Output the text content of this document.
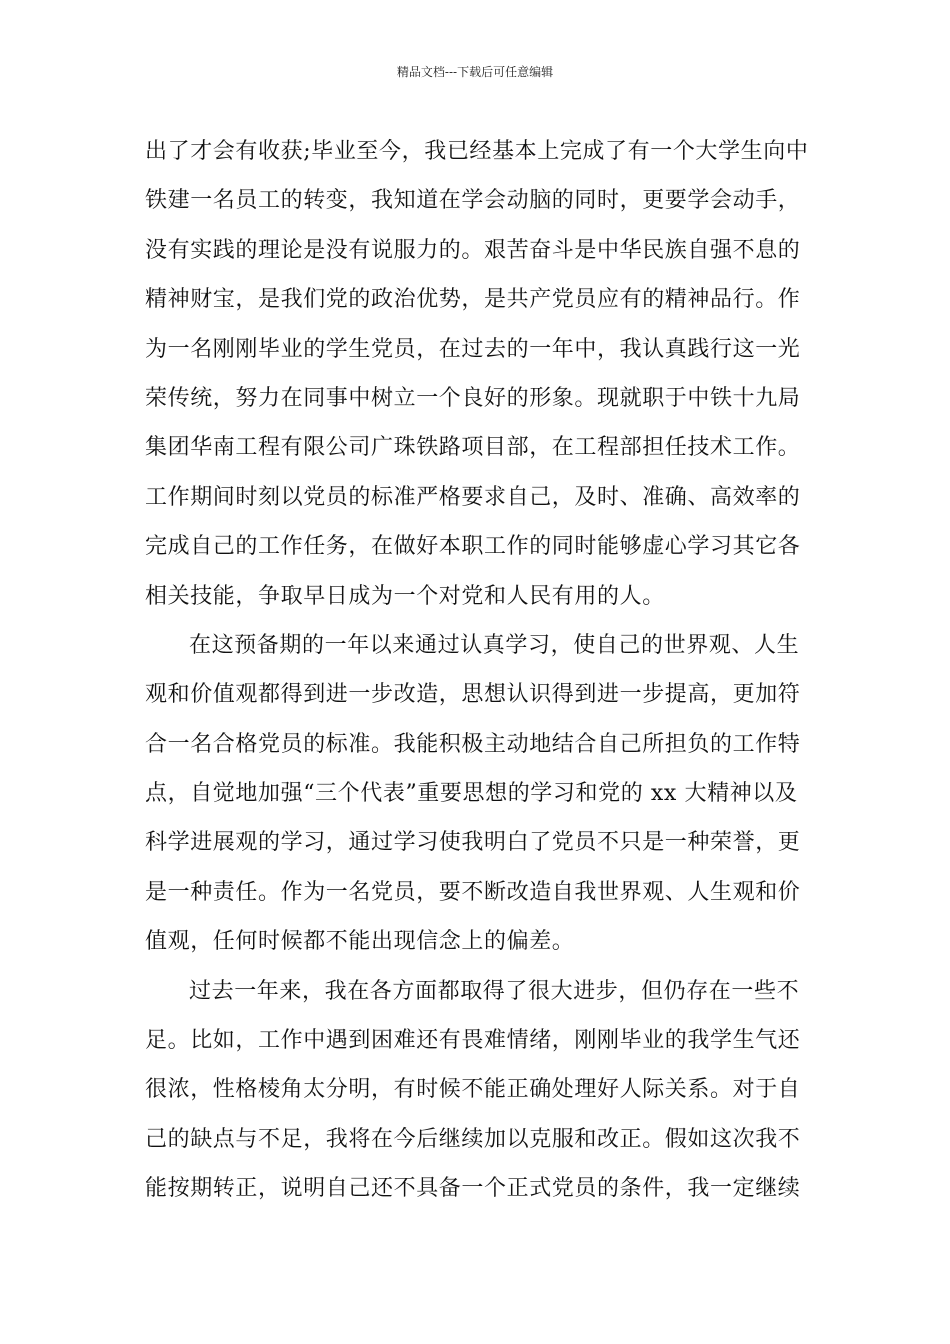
精品文档---下载后可任意编辑
出了才会有收获;毕业至今，我已经基本上完成了有一个大学生向中
铁建一名员工的转变，我知道在学会动脑的同时，更要学会动手，
没有实践的理论是没有说服力的。艰苦奋斗是中华民族自强不息的
精神财宝，是我们党的政治优势，是共产党员应有的精神品行。作
为一名刚刚毕业的学生党员，在过去的一年中，我认真践行这一光
荣传统，努力在同事中树立一个良好的形象。现就职于中铁十九局
集团华南工程有限公司广珠铁路项目部，在工程部担任技术工作。
工作期间时刻以党员的标准严格要求自己，及时、准确、高效率的
完成自己的工作任务，在做好本职工作的同时能够虚心学习其它各
相关技能，争取早日成为一个对党和人民有用的人。
在这预备期的一年以来通过认真学习，使自己的世界观、人生
观和价值观都得到进一步改造，思想认识得到进一步提高，更加符
合一名合格党员的标准。我能积极主动地结合自己所担负的工作特
点，自觉地加强“三个代表”重要思想的学习和党的 xx 大精神以及
科学进展观的学习，通过学习使我明白了党员不只是一种荣誉，更
是一种责任。作为一名党员，要不断改造自我世界观、人生观和价
值观，任何时候都不能出现信念上的偏差。
过去一年来，我在各方面都取得了很大进步，但仍存在一些不
足。比如，工作中遇到困难还有畏难情绪，刚刚毕业的我学生气还
很浓，性格棱角太分明，有时候不能正确处理好人际关系。对于自
己的缺点与不足，我将在今后继续加以克服和改正。假如这次我不
能按期转正，说明自己还不具备一个正式党员的条件，我一定继续
